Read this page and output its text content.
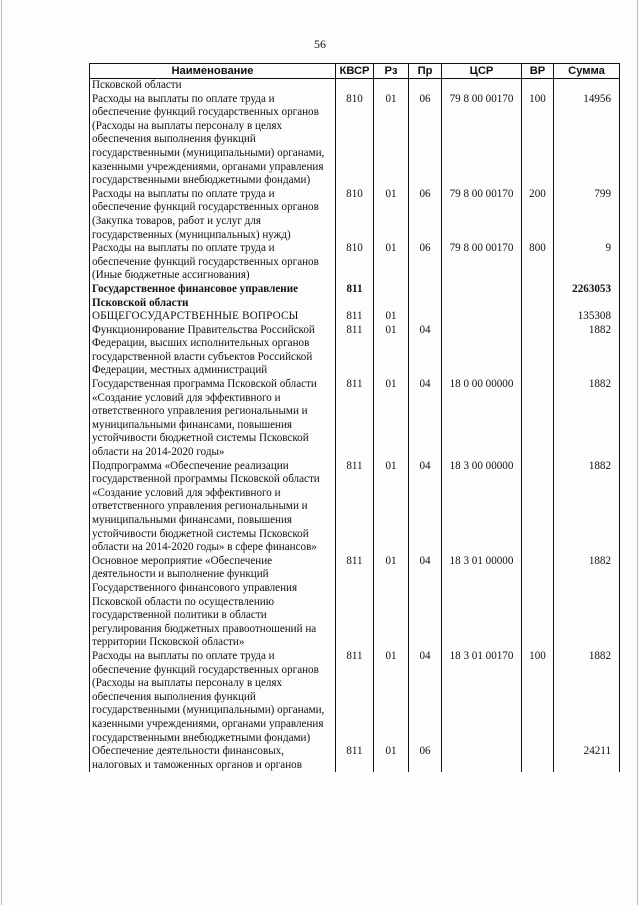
56
Наименование	КВСР	Рз	Пр	ЦСР	ВР	Сумма
Псковской области						
Расходы на выплаты по оплате труда и обеспечение функций государственных органов (Расходы на выплаты персоналу в целях обеспечения выполнения функций государственными (муниципальными) органами, казенными учреждениями, органами управления государственными внебюджетными фондами)	810	01	06	79 8 00 00170	100	14956
Расходы на выплаты по оплате труда и обеспечение функций государственных органов (Закупка товаров, работ и услуг для государственных (муниципальных) нужд)	810	01	06	79 8 00 00170	200	799
Расходы на выплаты по оплате труда и обеспечение функций государственных органов (Иные бюджетные ассигнования)	810	01	06	79 8 00 00170	800	9
Государственное финансовое управление Псковской области	811					2263053
ОБЩЕГОСУДАРСТВЕННЫЕ ВОПРОСЫ	811	01				135308
Функционирование Правительства Российской Федерации, высших исполнительных органов государственной власти субъектов Российской Федерации, местных администраций	811	01	04			1882
Государственная программа Псковской области «Создание условий для эффективного и ответственного управления региональными и муниципальными финансами, повышения устойчивости бюджетной системы Псковской области на 2014-2020 годы»	811	01	04	18 0 00 00000		1882
Подпрограмма «Обеспечение реализации государственной программы Псковской области «Создание условий для эффективного и ответственного управления региональными и муниципальными финансами, повышения устойчивости бюджетной системы Псковской области на 2014-2020 годы» в сфере финансов»	811	01	04	18 3 00 00000		1882
Основное мероприятие «Обеспечение деятельности и выполнение функций Государственного финансового управления Псковской области по осуществлению государственной политики в области регулирования бюджетных правоотношений на территории Псковской области»	811	01	04	18 3 01 00000		1882
Расходы на выплаты по оплате труда и обеспечение функций государственных органов (Расходы на выплаты персоналу в целях обеспечения выполнения функций государственными (муниципальными) органами, казенными учреждениями, органами управления государственными внебюджетными фондами)	811	01	04	18 3 01 00170	100	1882
Обеспечение деятельности финансовых, налоговых и таможенных органов и органов	811	01	06			24211
